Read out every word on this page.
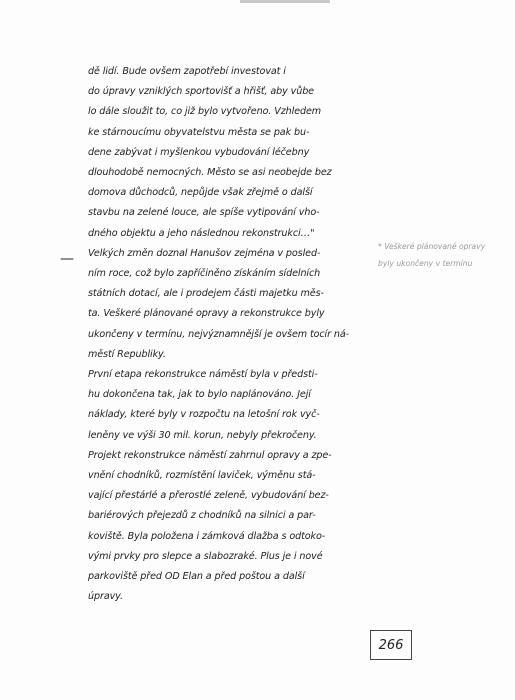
dě lidí. Bude ovšem zapotřebí investovat i
do úpravy vzniklých sportovišť a hřišť, aby vůbe
lo dále sloužit to, co již bylo vytvořeno. Vzhledem
ke stárnoucímu obyvatelstvu města se pak bu-
dene zabývat i myšlenkou vybudování léčebny
dlouhodobě nemocných. Město se asi neobejde bez
domova důchodců, nepůjde však zřejmě o další
stavbu na zelené louce, ale spíše vytipování vho-
dného objektu a jeho následnou rekonstrukci…"
Velkých změn doznal Hanušov zejména v posled-
ním roce, což bylo zapříčiněno získáním sídelních
státních dotací, ale i prodejem části majetku měs-
ta. Veškeré plánované opravy a rekonstrukce byly
ukončeny v termínu, nejvýznamnější je ovšem tocír ná-
městí Republiky.
První etapa rekonstrukce náměstí byla v předsti-
hu dokončena tak, jak to bylo naplánováno. Její
náklady, které byly v rozpočtu na letošní rok vyč-
leněny ve výši 30 mil. korun, nebyly překročeny.
Projekt rekonstrukce náměstí zahrnul opravy a zpe-
vnění chodníků, rozmístění laviček, výměnu stá-
vající přestárlé a přerostlé zeleně, vybudování bez-
bariérových přejezdů z chodníků na silnici a par-
koviště. Byla položena i zámková dlažba s odtoko-
vými prvky pro slepce a slabozraké. Plus je i nové
parkoviště před OD Elan a před poštou a další
úpravy.
—
* Veškeré plánované opravy byly ukončeny v termínu
266
